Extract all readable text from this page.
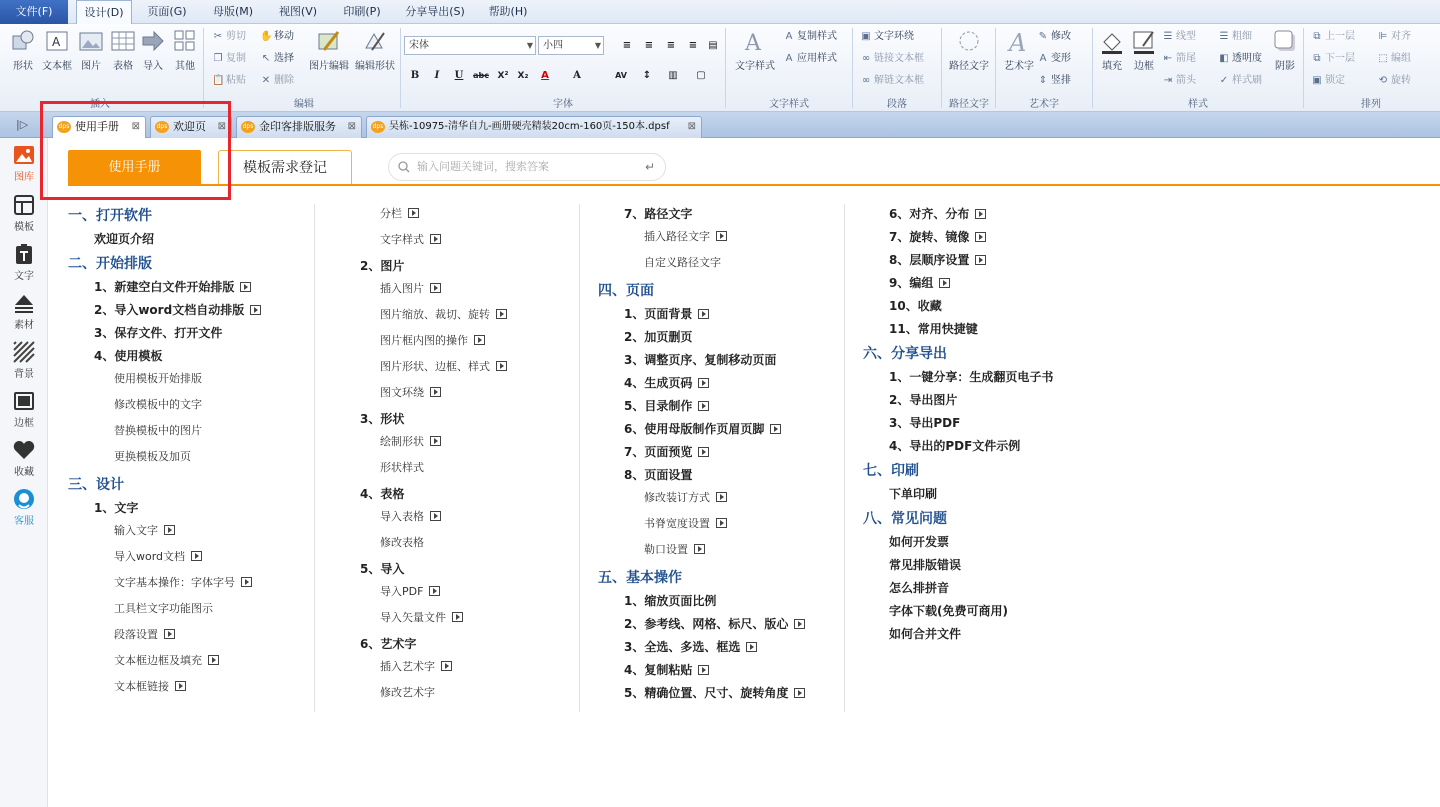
文件(F)	设计(D)	页面(G)	母版(M)	视图(V)	印刷(P)	分享导出(S)	帮助(H)
形状
A
文本框 图片	表格	导入	其他
插入
✂ 剪切 ✋ 移动
❐ 复制 ↖ 选择
📋 粘贴 ✕ 删除
图片编辑 编辑形状
编辑
宋体	▼	小四	▼	≡	≡	≡	≡	▤
B	I	U	abc X²	X₂	A	A	AV	↕	▥	▢
字体
A
文字样式
A 复制样式
A 应用样式
文字样式
▣ 文字环绕
∞ 链接文本框
∞ 解链文本框
段落
路径文字
路径文字
A
艺术字
✎ 修改
A 变形
⇕ 竖排
艺术字
填充	边框
☰ 线型 ☰ 粗细
⇤ 箭尾 ◧ 透明度
⇥ 箭头 ✓ 样式刷
阴影
样式
⧉ 上一层 ⊫ 对齐
⧉ 下一层 ⬚ 编组
▣ 锁定	⟲ 旋转
排列
dps 使用手册 ⊠	dps 欢迎页 ⊠	dps 金印客排版服务 ⊠	dps 吴栋-10975-清华自九-画册硬壳精装20cm-160页-150本.dpsf ⊠
|▷
图库
模板
文字
素材
背景
边框
收藏
客服
使用手册	模板需求登记	输入问题关键词，搜索答案	↵
一、打开软件
欢迎页介绍
二、开始排版
1、新建空白文件开始排版
2、导入word文档自动排版
3、保存文件、打开文件
4、使用模板
使用模板开始排版
修改模板中的文字
替换模板中的图片
更换模板及加页
三、设计
1、文字
输入文字
导入word文档
文字基本操作：字体字号
工具栏文字功能图示
段落设置
文本框边框及填充
文本框链接
分栏
文字样式
2、图片
插入图片
图片缩放、裁切、旋转
图片框内图的操作
图片形状、边框、样式
图文环绕
3、形状
绘制形状
形状样式
4、表格
导入表格
修改表格
5、导入
导入PDF
导入矢量文件
6、艺术字
插入艺术字
修改艺术字
7、路径文字
插入路径文字
自定义路径文字
四、页面
1、页面背景
2、加页删页
3、调整页序、复制移动页面
4、生成页码
5、目录制作
6、使用母版制作页眉页脚
7、页面预览
8、页面设置
修改装订方式
书脊宽度设置
勒口设置
五、基本操作
1、缩放页面比例
2、参考线、网格、标尺、版心
3、全选、多选、框选
4、复制粘贴
5、精确位置、尺寸、旋转角度
6、对齐、分布
7、旋转、镜像
8、层顺序设置
9、编组
10、收藏
11、常用快捷键
六、分享导出
1、一键分享：生成翻页电子书
2、导出图片
3、导出PDF
4、导出的PDF文件示例
七、印刷
下单印刷
八、常见问题
如何开发票
常见排版错误
怎么排拼音
字体下载(免费可商用)
如何合并文件
